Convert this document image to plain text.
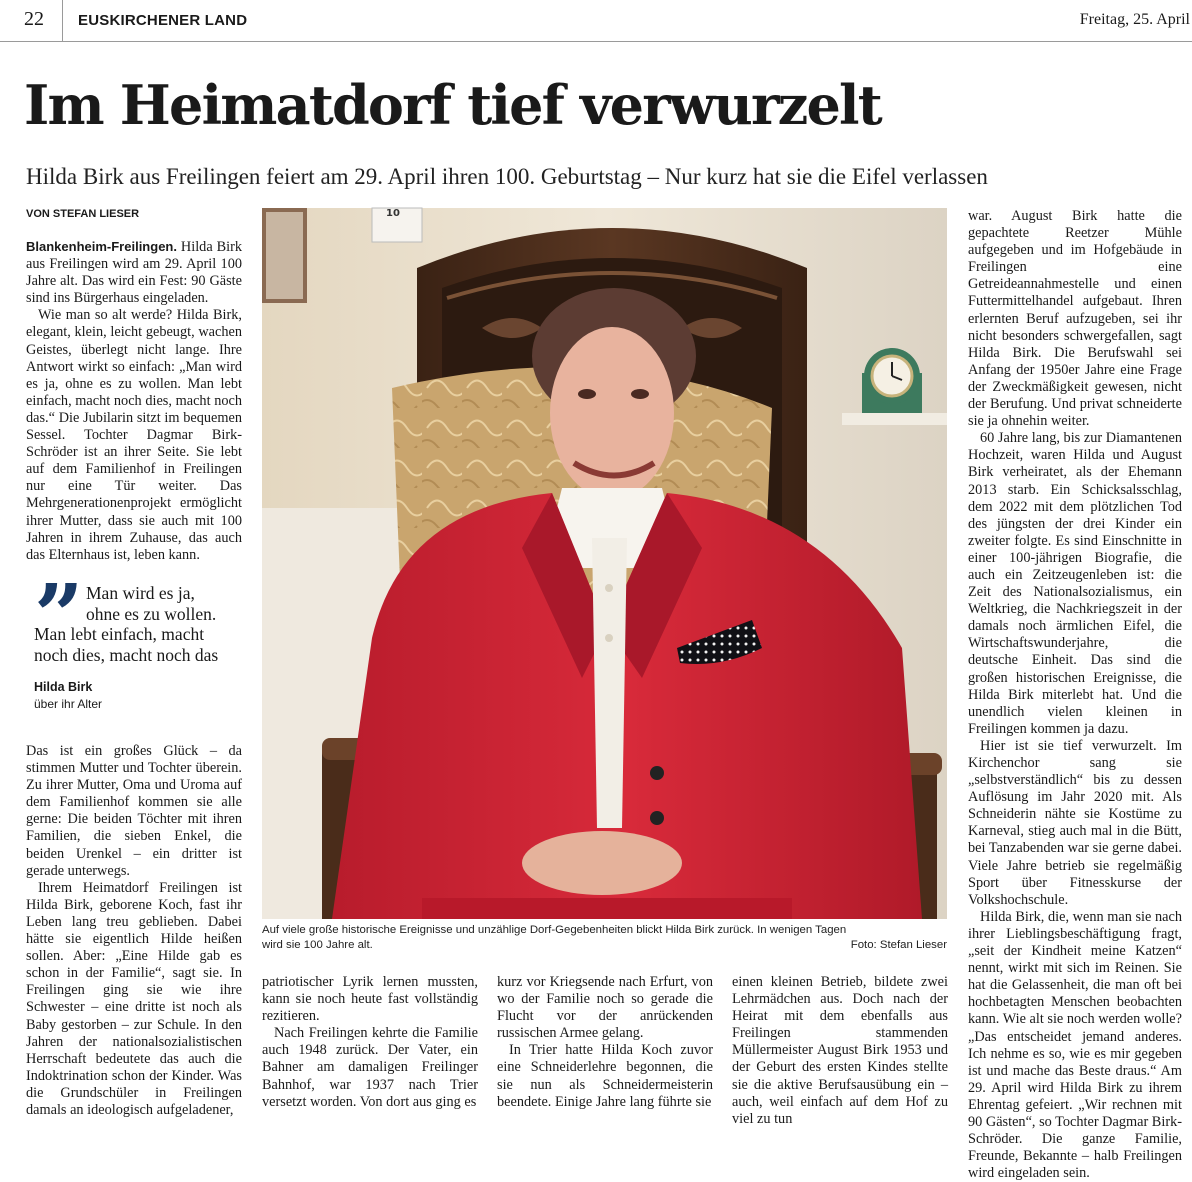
22 EUSKIRCHENER LAND	Freitag, 25. April
Im Heimatdorf tief verwurzelt
Hilda Birk aus Freilingen feiert am 29. April ihren 100. Geburtstag – Nur kurz hat sie die Eifel verlassen
VON STEFAN LIESER

Blankenheim-Freilingen. Hilda Birk aus Freilingen wird am 29. April 100 Jahre alt. Das wird ein Fest: 90 Gäste sind ins Bürgerhaus eingeladen.

Wie man so alt werde? Hilda Birk, elegant, klein, leicht gebeugt, wachen Geistes, überlegt nicht lange. Ihre Antwort wirkt so einfach: „Man wird es ja, ohne es zu wollen. Man lebt einfach, macht noch dies, macht noch das.“ Die Jubilarin sitzt im bequemen Sessel. Tochter Dagmar Birk-Schröder ist an ihrer Seite. Sie lebt auf dem Familienhof in Freilingen nur eine Tür weiter. Das Mehrgenerationenprojekt ermöglicht ihrer Mutter, dass sie auch mit 100 Jahren in ihrem Zuhause, das auch das Elternhaus ist, leben kann.

” Man wird es ja,
ohne es zu wollen.
Man lebt einfach, macht
noch dies, macht noch das
Hilda Birk
über ihr Alter

Das ist ein großes Glück – da stimmen Mutter und Tochter überein. Zu ihrer Mutter, Oma und Uroma auf dem Familienhof kommen sie alle gerne: Die beiden Töchter mit ihren Familien, die sieben Enkel, die beiden Urenkel – ein dritter ist gerade unterwegs.

Ihrem Heimatdorf Freilingen ist Hilda Birk, geborene Koch, fast ihr Leben lang treu geblieben. Dabei hätte sie eigentlich Hilde heißen sollen. Aber: „Eine Hilde gab es schon in der Familie“, sagt sie. In Freilingen ging sie wie ihre Schwester – eine dritte ist noch als Baby gestorben – zur Schule. In den Jahren der nationalsozialistischen Herrschaft bedeutete das auch die Indoktrination schon der Kinder. Was die Grundschüler in Freilingen damals an ideologisch aufgeladener,

10
Auf viele große historische Ereignisse und unzählige Dorf-Gegebenheiten blickt Hilda Birk zurück. In wenigen Tagen
wird sie 100 Jahre alt.	Foto: Stefan Lieser

patriotischer Lyrik lernen mussten, kann sie noch heute fast vollständig rezitieren.

Nach Freilingen kehrte die Familie auch 1948 zurück. Der Vater, ein Bahner am damaligen Freilinger Bahnhof, war 1937 nach Trier versetzt worden. Von dort aus ging es

kurz vor Kriegsende nach Erfurt, von wo der Familie noch so gerade die Flucht vor der anrückenden russischen Armee gelang.

In Trier hatte Hilda Koch zuvor eine Schneiderlehre begonnen, die sie nun als Schneidermeisterin beendete. Einige Jahre lang führte sie

einen kleinen Betrieb, bildete zwei Lehrmädchen aus. Doch nach der Heirat mit dem ebenfalls aus Freilingen stammenden Müllermeister August Birk 1953 und der Geburt des ersten Kindes stellte sie die aktive Berufsausübung ein – auch, weil einfach auf dem Hof zu viel zu tun

war. August Birk hatte die gepachtete Reetzer Mühle aufgegeben und im Hofgebäude in Freilingen eine Getreideannahmestelle und einen Futtermittelhandel aufgebaut. Ihren erlernten Beruf aufzugeben, sei ihr nicht besonders schwergefallen, sagt Hilda Birk. Die Berufswahl sei Anfang der 1950er Jahre eine Frage der Zweckmäßigkeit gewesen, nicht der Berufung. Und privat schneiderte sie ja ohnehin weiter.

60 Jahre lang, bis zur Diamantenen Hochzeit, waren Hilda und August Birk verheiratet, als der Ehemann 2013 starb. Ein Schicksalsschlag, dem 2022 mit dem plötzlichen Tod des jüngsten der drei Kinder ein zweiter folgte. Es sind Einschnitte in einer 100-jährigen Biografie, die auch ein Zeitzeugenleben ist: die Zeit des Nationalsozialismus, ein Weltkrieg, die Nachkriegszeit in der damals noch ärmlichen Eifel, die Wirtschaftswunderjahre, die deutsche Einheit. Das sind die großen historischen Ereignisse, die Hilda Birk miterlebt hat. Und die unendlich vielen kleinen in Freilingen kommen ja dazu.

Hier ist sie tief verwurzelt. Im Kirchenchor sang sie „selbstverständlich“ bis zu dessen Auflösung im Jahr 2020 mit. Als Schneiderin nähte sie Kostüme zu Karneval, stieg auch mal in die Bütt, bei Tanzabenden war sie gerne dabei. Viele Jahre betrieb sie regelmäßig Sport über Fitnesskurse der Volkshochschule.

Hilda Birk, die, wenn man sie nach ihrer Lieblingsbeschäftigung fragt, „seit der Kindheit meine Katzen“ nennt, wirkt mit sich im Reinen. Sie hat die Gelassenheit, die man oft bei hochbetagten Menschen beobachten kann. Wie alt sie noch werden wolle? „Das entscheidet jemand anderes. Ich nehme es so, wie es mir gegeben ist und mache das Beste draus.“ Am 29. April wird Hilda Birk zu ihrem Ehrentag gefeiert. „Wir rechnen mit 90 Gästen“, so Tochter Dagmar Birk-Schröder. Die ganze Familie, Freunde, Bekannte – halb Freilingen wird eingeladen sein.
